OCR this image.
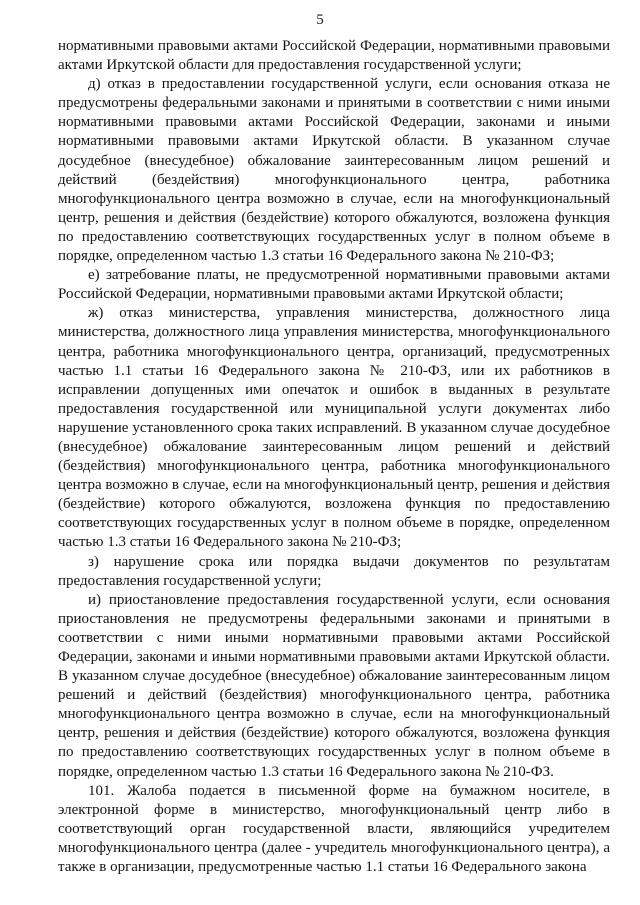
5

нормативными правовыми актами Российской Федерации, нормативными правовыми актами Иркутской области для предоставления государственной услуги;

д) отказ в предоставлении государственной услуги, если основания отказа не предусмотрены федеральными законами и принятыми в соответствии с ними иными нормативными правовыми актами Российской Федерации, законами и иными нормативными правовыми актами Иркутской области. В указанном случае досудебное (внесудебное) обжалование заинтересованным лицом решений и действий (бездействия) многофункционального центра, работника многофункционального центра возможно в случае, если на многофункциональный центр, решения и действия (бездействие) которого обжалуются, возложена функция по предоставлению соответствующих государственных услуг в полном объеме в порядке, определенном частью 1.3 статьи 16 Федерального закона № 210-ФЗ;

е) затребование платы, не предусмотренной нормативными правовыми актами Российской Федерации, нормативными правовыми актами Иркутской области;

ж) отказ министерства, управления министерства, должностного лица министерства, должностного лица управления министерства, многофункционального центра, работника многофункционального центра, организаций, предусмотренных частью 1.1 статьи 16 Федерального закона № 210-ФЗ, или их работников в исправлении допущенных ими опечаток и ошибок в выданных в результате предоставления государственной или муниципальной услуги документах либо нарушение установленного срока таких исправлений. В указанном случае досудебное (внесудебное) обжалование заинтересованным лицом решений и действий (бездействия) многофункционального центра, работника многофункционального центра возможно в случае, если на многофункциональный центр, решения и действия (бездействие) которого обжалуются, возложена функция по предоставлению соответствующих государственных услуг в полном объеме в порядке, определенном частью 1.3 статьи 16 Федерального закона № 210-ФЗ;

з) нарушение срока или порядка выдачи документов по результатам предоставления государственной услуги;

и) приостановление предоставления государственной услуги, если основания приостановления не предусмотрены федеральными законами и принятыми в соответствии с ними иными нормативными правовыми актами Российской Федерации, законами и иными нормативными правовыми актами Иркутской области. В указанном случае досудебное (внесудебное) обжалование заинтересованным лицом решений и действий (бездействия) многофункционального центра, работника многофункционального центра возможно в случае, если на многофункциональный центр, решения и действия (бездействие) которого обжалуются, возложена функция по предоставлению соответствующих государственных услуг в полном объеме в порядке, определенном частью 1.3 статьи 16 Федерального закона № 210-ФЗ.

101. Жалоба подается в письменной форме на бумажном носителе, в электронной форме в министерство, многофункциональный центр либо в соответствующий орган государственной власти, являющийся учредителем многофункционального центра (далее - учредитель многофункционального центра), а также в организации, предусмотренные частью 1.1 статьи 16 Федерального закона
